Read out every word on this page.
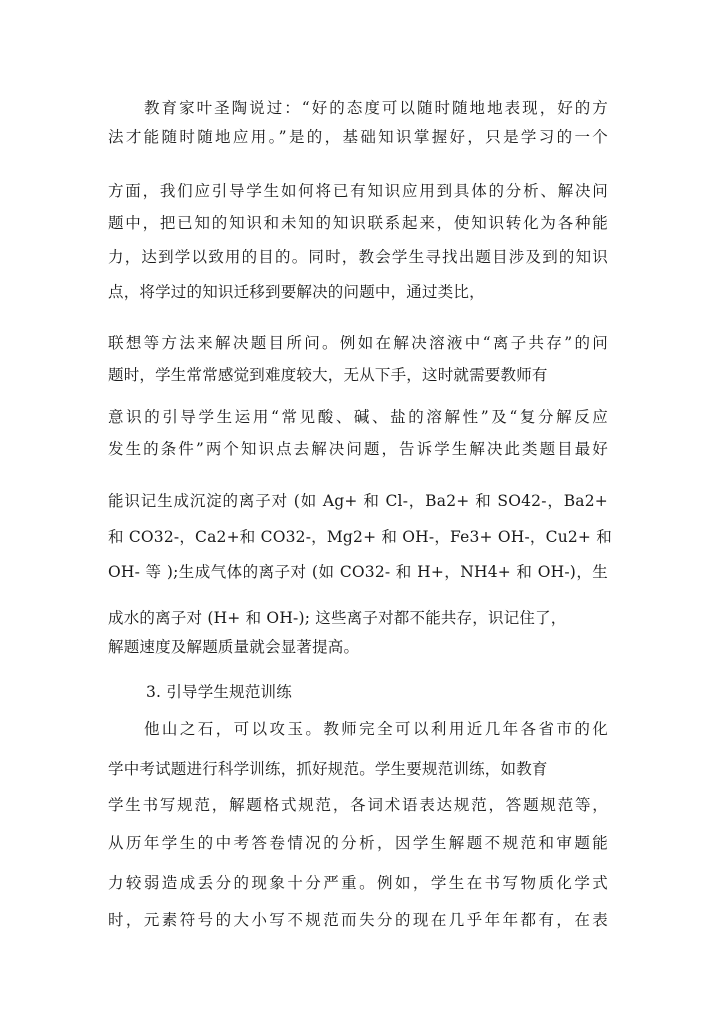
教育家叶圣陶说过：“好的态度可以随时随地地表现，好的方
法才能随时随地应用。”是的，基础知识掌握好，只是学习的一个
方面，我们应引导学生如何将已有知识应用到具体的分析、解决问
题中，把已知的知识和未知的知识联系起来，使知识转化为各种能
力，达到学以致用的目的。同时，教会学生寻找出题目涉及到的知识
点，将学过的知识迁移到要解决的问题中，通过类比，
联想等方法来解决题目所问。例如在解决溶液中“离子共存”的问
题时，学生常常感觉到难度较大，无从下手，这时就需要教师有
意识的引导学生运用“常见酸、碱、盐的溶解性”及“复分解反应
发生的条件”两个知识点去解决问题，告诉学生解决此类题目最好
能识记生成沉淀的离子对 (如 Ag+ 和 Cl-，Ba2+ 和 SO42-，Ba2+
和 CO32-，Ca2+和 CO32-，Mg2+ 和 OH-，Fe3+ OH-，Cu2+ 和
OH- 等 );生成气体的离子对 (如 CO32- 和 H+，NH4+ 和 OH-)，生
成水的离子对 (H+ 和 OH-); 这些离子对都不能共存，识记住了，
解题速度及解题质量就会显著提高。
3. 引导学生规范训练
他山之石，可以攻玉。教师完全可以利用近几年各省市的化
学中考试题进行科学训练，抓好规范。学生要规范训练，如教育
学生书写规范，解题格式规范，各词术语表达规范，答题规范等，
从历年学生的中考答卷情况的分析，因学生解题不规范和审题能
力较弱造成丢分的现象十分严重。例如，学生在书写物质化学式
时，元素符号的大小写不规范而失分的现在几乎年年都有，在表
